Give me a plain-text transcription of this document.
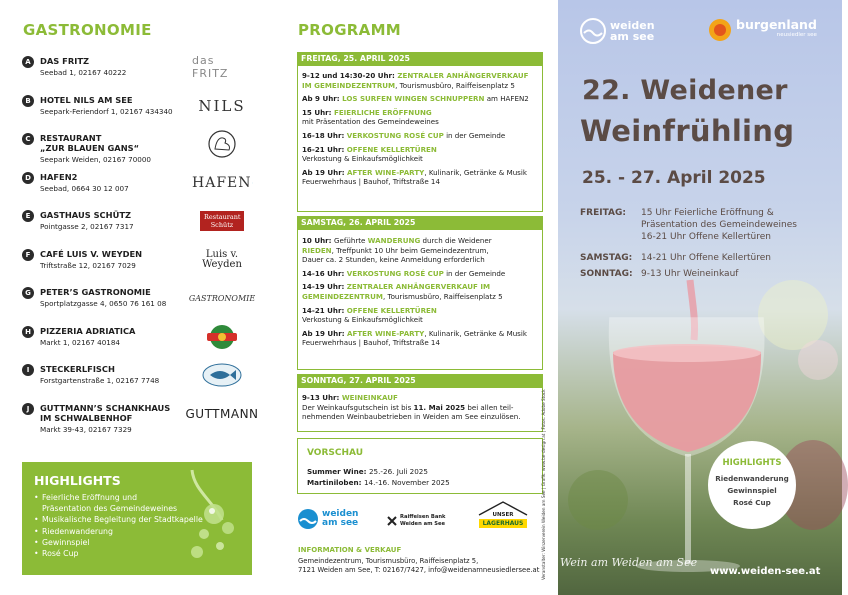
GASTRONOMIE
A	DAS FRITZ
Seebad 1, 02167 40222
das FRITZ
B	HOTEL NILS AM SEE
Seepark-Feriendorf 1, 02167 434340 NILS
C	RESTAURANT
„ZUR BLAUEN GANS“
Seepark Weiden, 02167 70000
D	HAFEN2
Seebad, 0664 30 12 007	HAFEN
E	GASTHAUS SCHÜTZ
Pointgasse 2, 02167 7317
Restaurant Schütz
F	CAFÉ LUIS V. WEYDEN
Triftstraße 12, 02167 7029
Luis v. Weyden
G	PETER’S GASTRONOMIE
Sportplatzgasse 4, 0650 76 161 08
GASTRONOMIE
H	PIZZERIA ADRIATICA
Markt 1, 02167 40184
I	STECKERLFISCH
Forstgartenstraße 1, 02167 7748
J	GUTTMANN’S SCHANKHAUS
IM SCHWALBENHOF
Markt 39-43, 02167 7329
GUTTMANN
HIGHLIGHTS
• Feierliche Eröffnung und
Präsentation des Gemeindeweines
• Musikalische Begleitung der Stadtkapelle
• Riedenwanderung
• Gewinnspiel
• Rosé Cup
PROGRAMM
FREITAG, 25. APRIL 2025
9-12 und 14:30-20 Uhr: ZENTRALER ANHÄNGERVERKAUF
IM GEMEINDEZENTRUM, Tourismusbüro, Raiffeisenplatz 5
Ab 9 Uhr: LOS SURFEN WINGEN SCHNUPPERN am HAFEN2
15 Uhr: FEIERLICHE ERÖFFNUNG
mit Präsentation des Gemeindeweines
16-18 Uhr: VERKOSTUNG ROSÉ CUP in der Gemeinde
16-21 Uhr: OFFENE KELLERTÜREN
Verkostung & Einkaufsmöglichkeit
Ab 19 Uhr: AFTER WINE-PARTY, Kulinarik, Getränke & Musik
Feuerwehrhaus | Bauhof, Triftstraße 14
SAMSTAG, 26. APRIL 2025
10 Uhr: Geführte WANDERUNG durch die Weidener
RIEDEN, Treffpunkt 10 Uhr beim Gemeindezentrum,
Dauer ca. 2 Stunden, keine Anmeldung erforderlich
14-16 Uhr: VERKOSTUNG ROSÉ CUP in der Gemeinde
14-19 Uhr: ZENTRALER ANHÄNGERVERKAUF IM
GEMEINDEZENTRUM, Tourismusbüro, Raiffeisenplatz 5
14-21 Uhr: OFFENE KELLERTÜREN
Verkostung & Einkaufsmöglichkeit
Ab 19 Uhr: AFTER WINE-PARTY, Kulinarik, Getränke & Musik
Feuerwehrhaus | Bauhof, Triftstraße 14
SONNTAG, 27. APRIL 2025
9-13 Uhr: WEINEINKAUF
Der Weinkaufsgutschein ist bis 11. Mai 2025 bei allen teil-
nehmenden Weinbaubetrieben in Weiden am See einzulösen.
VORSCHAU
Summer Wine: 25.-26. Juli 2025
Martiniloben: 14.-16. November 2025
weiden
am see
Raiffeisen Bank
Weiden am See
UNSER
LAGERHAUS
INFORMATION & VERKAUF
Gemeindezentrum, Tourismusbüro, Raiffeisenplatz 5,
7121 Weiden am See, T: 02167/7427, info@weidenamneusiedlersee.at Veranstalter: Winzerverein Weiden am See | Grafik: www.be-design.at | Fotos: Adobe Stock
weiden
am see
burgenland
neusiedler see
22. Weidener
Weinfrühling
25. - 27. April 2025
FREITAG: 15 Uhr Feierliche Eröffnung &
Präsentation des Gemeindeweines
16-21 Uhr Offene Kellertüren
SAMSTAG: 14-21 Uhr Offene Kellertüren
SONNTAG: 9-13 Uhr Weineinkauf
HIGHLIGHTS
Riedenwanderung
Gewinnspiel
Rosé Cup
Wein am Weiden am See
www.weiden-see.at
